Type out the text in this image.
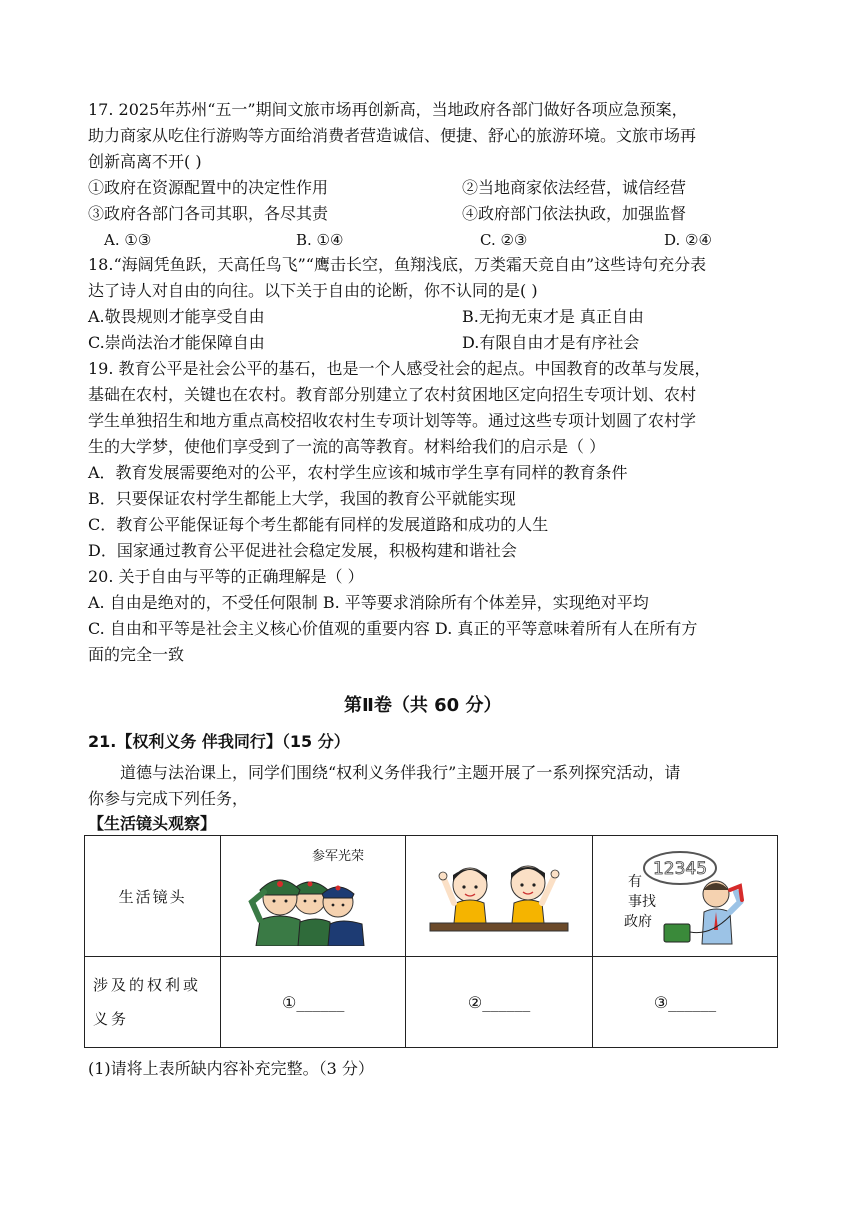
17. 2025年苏州“五一”期间文旅市场再创新高，当地政府各部门做好各项应急预案，
助力商家从吃住行游购等方面给消费者营造诚信、便捷、舒心的旅游环境。文旅市场再
创新高离不开( )
①政府在资源配置中的决定性作用	②当地商家依法经营，诚信经营
③政府各部门各司其职，各尽其责	④政府部门依法执政，加强监督
A. ①③	B. ①④	C. ②③	D. ②④
18.“海阔凭鱼跃，天高任鸟飞”“鹰击长空，鱼翔浅底，万类霜天竞自由”这些诗句充分表
达了诗人对自由的向往。以下关于自由的论断，你不认同的是( )
A.敬畏规则才能享受自由	B.无拘无束才是 真正自由
C.崇尚法治才能保障自由	D.有限自由才是有序社会
19. 教育公平是社会公平的基石，也是一个人感受社会的起点。中国教育的改革与发展，
基础在农村，关键也在农村。教育部分别建立了农村贫困地区定向招生专项计划、农村
学生单独招生和地方重点高校招收农村生专项计划等等。通过这些专项计划圆了农村学
生的大学梦，使他们享受到了一流的高等教育。材料给我们的启示是（ ）
A．教育发展需要绝对的公平，农村学生应该和城市学生享有同样的教育条件
B．只要保证农村学生都能上大学，我国的教育公平就能实现
C．教育公平能保证每个考生都能有同样的发展道路和成功的人生
D．国家通过教育公平促进社会稳定发展，积极构建和谐社会
20. 关于自由与平等的正确理解是（ ）
A. 自由是绝对的，不受任何限制 B. 平等要求消除所有个体差异，实现绝对平均
C. 自由和平等是社会主义核心价值观的重要内容 D. 真正的平等意味着所有人在所有方
面的完全一致
第Ⅱ卷（共 60 分）
21.【权利义务 伴我同行】（15 分）
道德与法治课上，同学们围绕“权利义务伴我行”主题开展了一系列探究活动，请
你参与完成下列任务，
【生活镜头观察】
生活镜头	参军光荣		12345
有
事找
政府

涉及的权利或
义务	①______	②______	③______
(1)请将上表所缺内容补充完整。（3 分）
